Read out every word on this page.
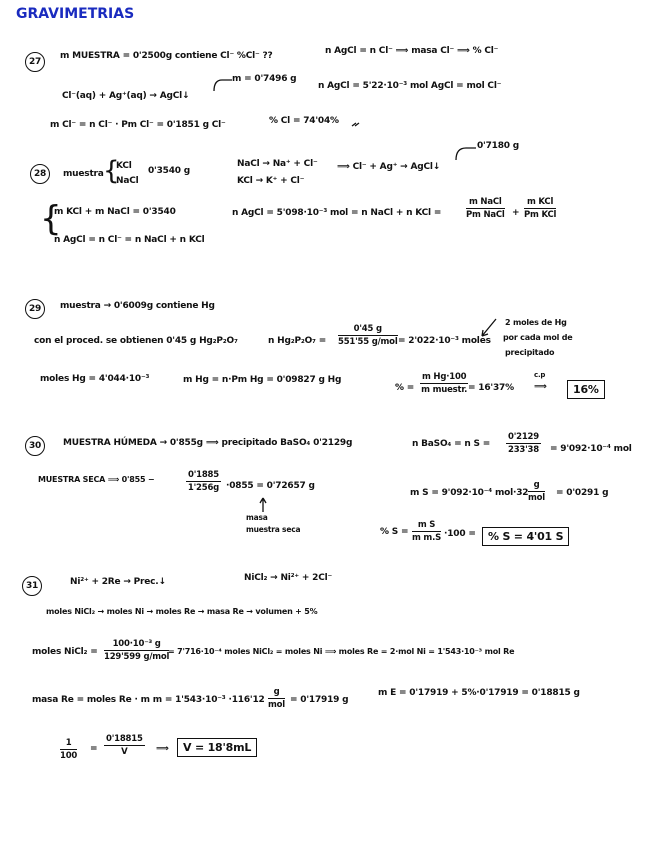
GRAVIMETRIAS
27
m MUESTRA = 0'2500g contiene Cl⁻ %Cl⁻ ??	n AgCl = n Cl⁻ ⟹ masa Cl⁻ ⟹ % Cl⁻
Cl⁻(aq) + Ag⁺(aq) → AgCl↓
m = 0'7496 g
n AgCl = 5'22·10⁻³ mol AgCl = mol Cl⁻
m Cl⁻ = n Cl⁻ · Pm Cl⁻ = 0'1851 g Cl⁻	% Cl = 74'04%
28	muestra {
KCl
NaCl
0'3540 g
NaCl → Na⁺ + Cl⁻
KCl → K⁺ + Cl⁻
⟹ Cl⁻ + Ag⁺ → AgCl↓
0'7180 g
{
m KCl + m NaCl = 0'3540
n AgCl = n Cl⁻ = n NaCl + n KCl
n AgCl = 5'098·10⁻³ mol = n NaCl + n KCl =
m NaCl
Pm NaCl +
m KCl
Pm KCl
29	muestra → 0'6009g contiene Hg
con el proced. se obtienen 0'45 g Hg₂P₂O₇	n Hg₂P₂O₇ =
0'45 g
551'55 g/mol = 2'022·10⁻³ moles
2 moles de Hg
por cada mol de
precipitado
moles Hg = 4'044·10⁻³	m Hg = n·Pm Hg = 0'09827 g Hg
% =
m Hg·100
m muestr. = 16'37%
c.p
⟹	16%
30	MUESTRA HÚMEDA → 0'855g ⟹ precipitado BaSO₄ 0'2129g	n BaSO₄ = n $S = \frac{0'2129}{233'38} = 9'092\cdot 10^{-4}$ mol
MUESTRA SECA ⟹ 0'855 −	$\frac{0'1885}{1'256g} \cdot 0855 = 0'72657$ g
masa
muestra seca
m S = 9'092·10⁻⁴ mol·32
g
mol = 0'0291 g
% $S = \frac{\text{m S}}{\text{m m.S}} \cdot 100$ =	% S = 4'01 S
31	Ni²⁺ + 2Re → Prec.↓	NiCl₂ → Ni²⁺ + 2Cl⁻
moles NiCl₂ → moles Ni → moles Re → masa Re → volumen + 5%
moles NiCl₂ =
100·10⁻³ g
129'599 g/mol
= 7'716·10⁻⁴ moles NiCl₂ = moles Ni ⟹ moles Re = 2·mol Ni = 1'543·10⁻³ mol Re
masa Re = moles Re · m m = 1'543·10⁻³ ·116'12
g
mol = 0'17919 g
m E = 0'17919 + 5%·0'17919 = 0'18815 g
$\frac{1}{100} = \frac{0'18815}{V}$ ⟹	V = 18'8mL
